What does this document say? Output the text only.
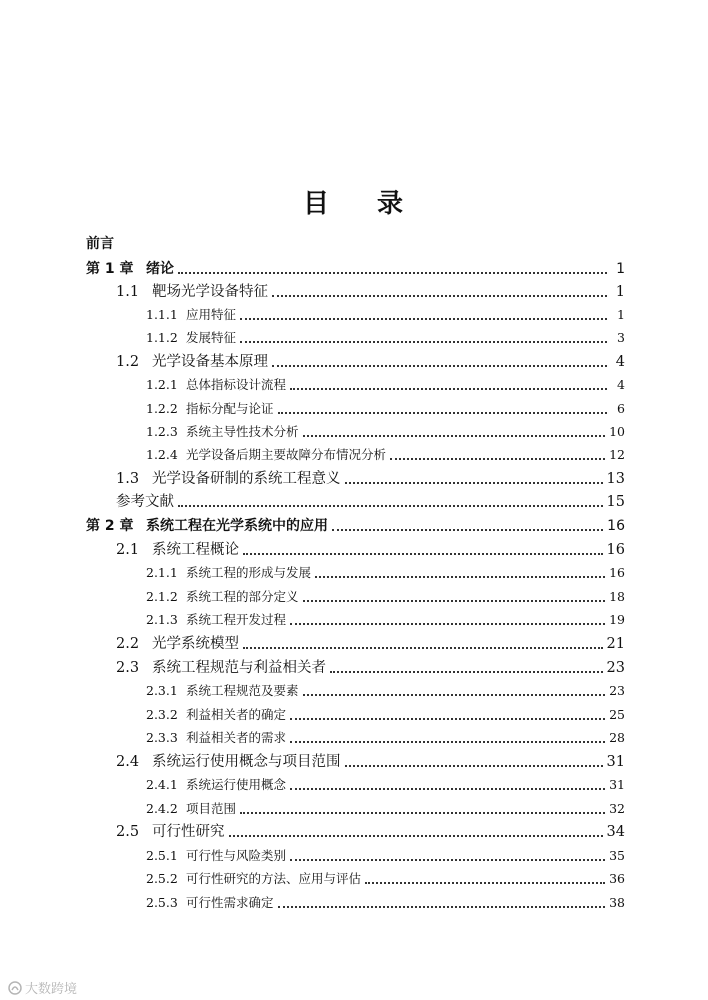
目 录
前言
第 1 章 绪论	1
1.1 靶场光学设备特征	1
1.1.1 应用特征	1
1.1.2 发展特征	3
1.2 光学设备基本原理	4
1.2.1 总体指标设计流程	4
1.2.2 指标分配与论证	6
1.2.3 系统主导性技术分析	10
1.2.4 光学设备后期主要故障分布情况分析	12
1.3 光学设备研制的系统工程意义	13
参考文献	15
第 2 章 系统工程在光学系统中的应用	16
2.1 系统工程概论	16
2.1.1 系统工程的形成与发展	16
2.1.2 系统工程的部分定义	18
2.1.3 系统工程开发过程	19
2.2 光学系统模型	21
2.3 系统工程规范与利益相关者	23
2.3.1 系统工程规范及要素	23
2.3.2 利益相关者的确定	25
2.3.3 利益相关者的需求	28
2.4 系统运行使用概念与项目范围	31
2.4.1 系统运行使用概念	31
2.4.2 项目范围	32
2.5 可行性研究	34
2.5.1 可行性与风险类别	35
2.5.2 可行性研究的方法、应用与评估	36
2.5.3 可行性需求确定	38
大数跨境
